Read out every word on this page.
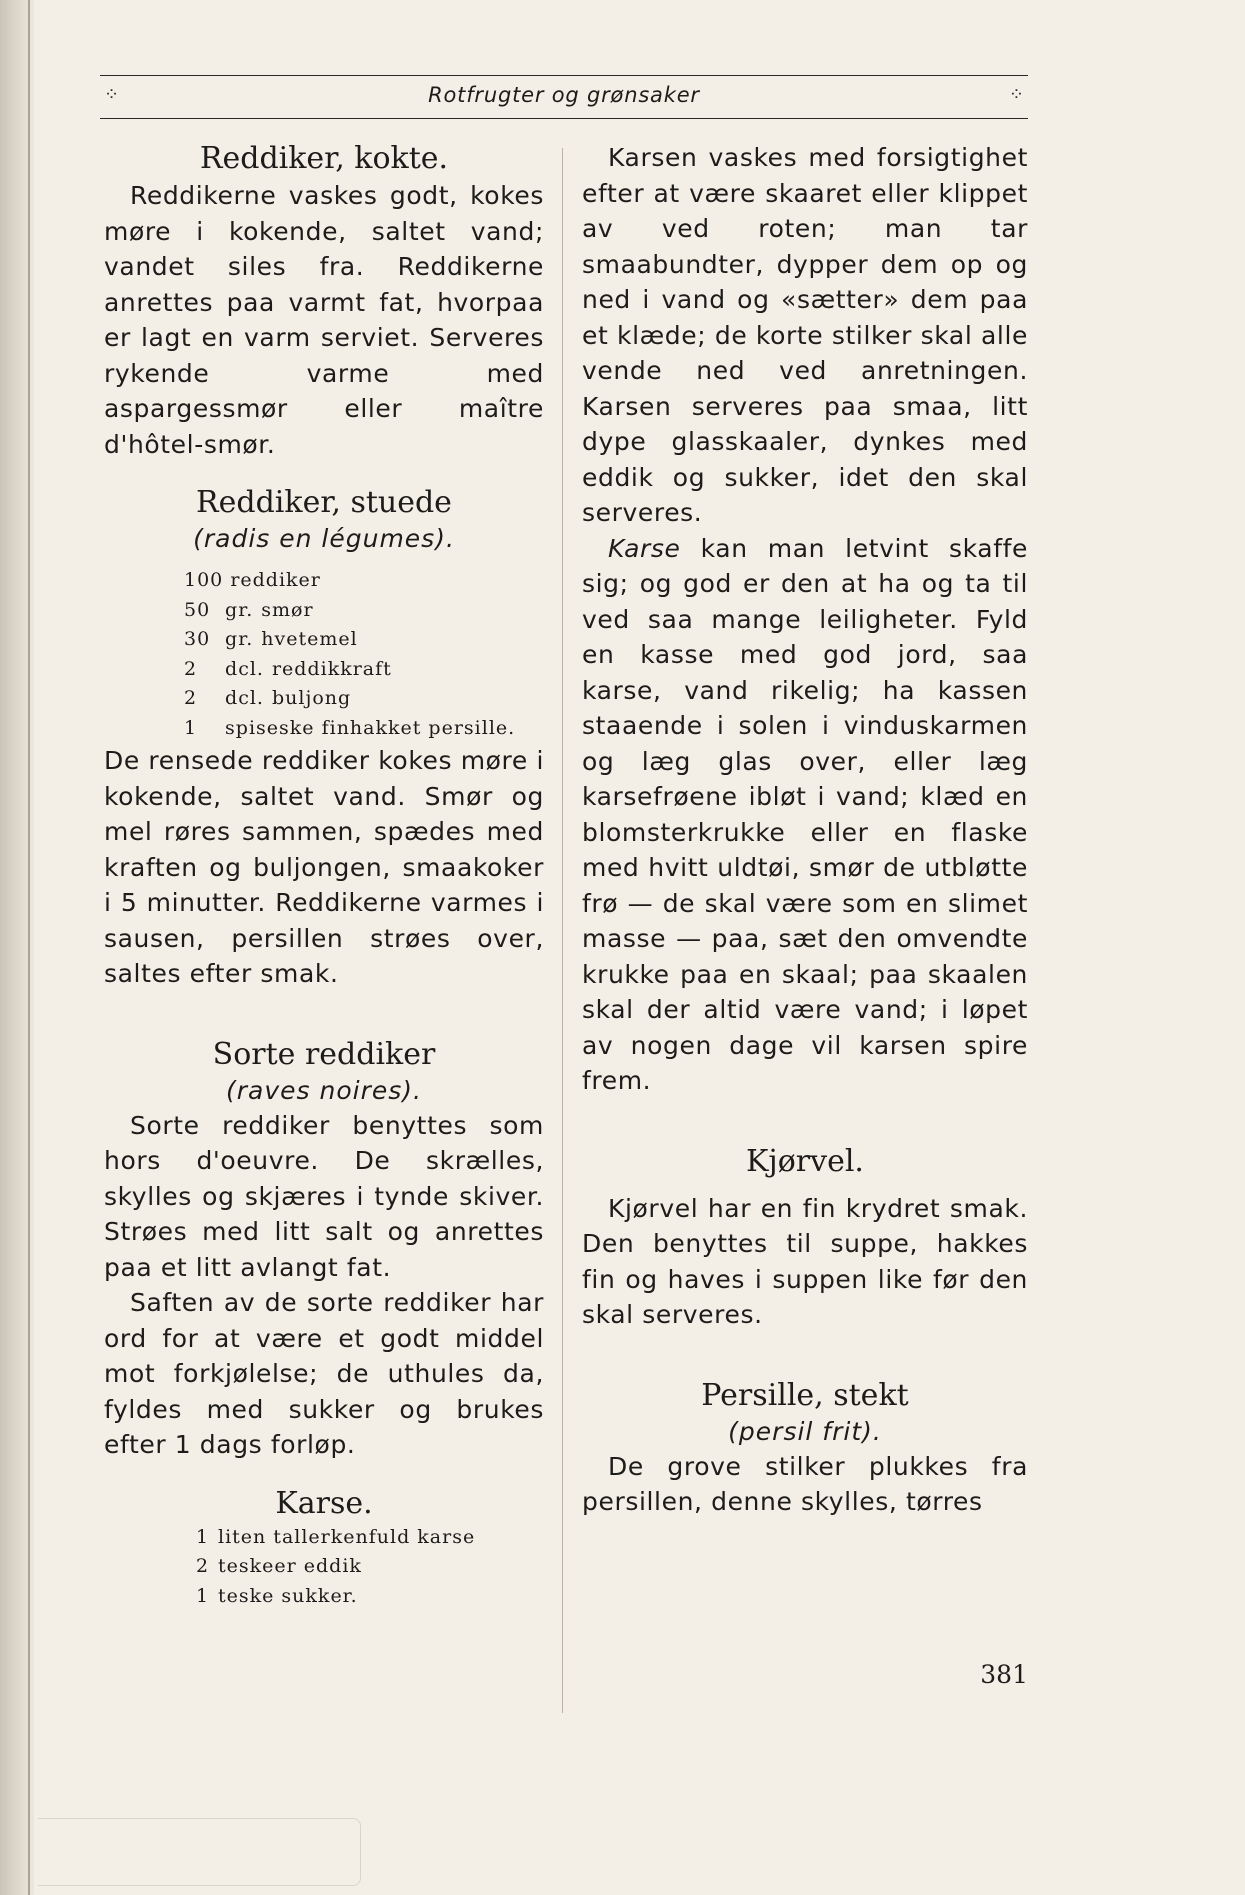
⁘	Rotfrugter og grønsaker	⁘
Reddiker, kokte.

Reddikerne vaskes godt, kokes møre i kokende, saltet vand; vandet siles fra. Reddikerne anrettes paa varmt fat, hvorpaa er lagt en varm serviet. Serveres rykende varme med aspargessmør eller maître d'hôtel-smør.

Reddiker, stuede

(radis en légumes).

100 reddiker

50 gr. smør

30 gr. hvetemel

2 dcl. reddikkraft

2 dcl. buljong

1 spiseske finhakket persille.

De rensede reddiker kokes møre i kokende, saltet vand. Smør og mel røres sammen, spædes med kraften og buljongen, smaakoker i 5 minutter. Reddikerne varmes i sausen, persillen strøes over, saltes efter smak.

Sorte reddiker

(raves noires).

Sorte reddiker benyttes som hors d'oeuvre. De skrælles, skylles og skjæres i tynde skiver. Strøes med litt salt og anrettes paa et litt avlangt fat.

Saften av de sorte reddiker har ord for at være et godt middel mot forkjølelse; de uthules da, fyldes med sukker og brukes efter 1 dags forløp.

Karse.

1 liten tallerkenfuld karse

2 teskeer eddik

1 teske sukker.

Karsen vaskes med forsigtighet efter at være skaaret eller klippet av ved roten; man tar smaabundter, dypper dem op og ned i vand og «sætter» dem paa et klæde; de korte stilker skal alle vende ned ved anretningen. Karsen serveres paa smaa, litt dype glasskaaler, dynkes med eddik og sukker, idet den skal serveres.

Karse kan man letvint skaffe sig; og god er den at ha og ta til ved saa mange leiligheter. Fyld en kasse med god jord, saa karse, vand rikelig; ha kassen staaende i solen i vinduskarmen og læg glas over, eller læg karsefrøene ibløt i vand; klæd en blomsterkrukke eller en flaske med hvitt uldtøi, smør de utbløtte frø — de skal være som en slimet masse — paa, sæt den omvendte krukke paa en skaal; paa skaalen skal der altid være vand; i løpet av nogen dage vil karsen spire frem.

Kjørvel.

Kjørvel har en fin krydret smak. Den benyttes til suppe, hakkes fin og haves i suppen like før den skal serveres.

Persille, stekt

(persil frit).

De grove stilker plukkes fra persillen, denne skylles, tørres

381
